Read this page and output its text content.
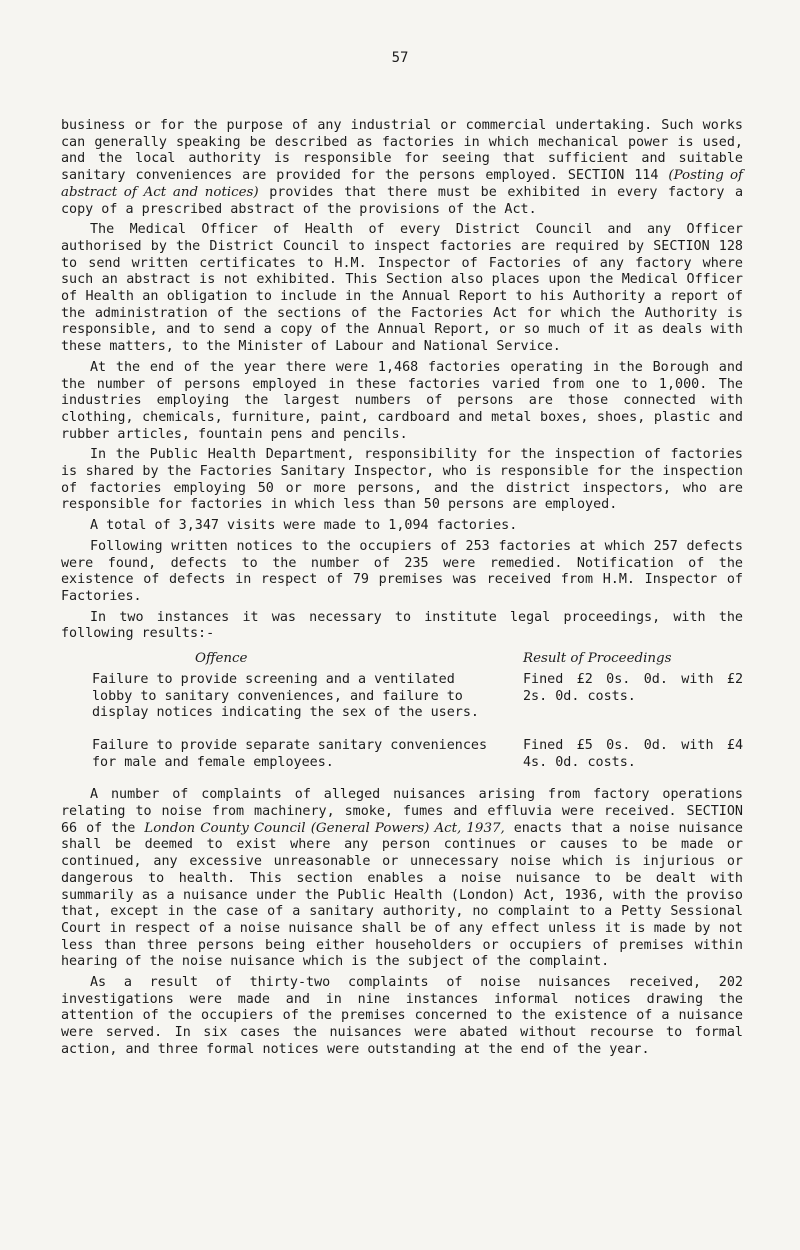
57

business or for the purpose of any industrial or commercial undertaking. Such works can generally speaking be described as factories in which mechanical power is used, and the local authority is responsible for seeing that sufficient and suitable sanitary conveniences are provided for the persons employed. SECTION 114 (Posting of abstract of Act and notices) provides that there must be exhibited in every factory a copy of a prescribed abstract of the provisions of the Act.

The Medical Officer of Health of every District Council and any Officer authorised by the District Council to inspect factories are required by SECTION 128 to send written certificates to H.M. Inspector of Factories of any factory where such an abstract is not exhibited. This Section also places upon the Medical Officer of Health an obligation to include in the Annual Report to his Authority a report of the administration of the sections of the Factories Act for which the Authority is responsible, and to send a copy of the Annual Report, or so much of it as deals with these matters, to the Minister of Labour and National Service.

At the end of the year there were 1,468 factories operating in the Borough and the number of persons employed in these factories varied from one to 1,000. The industries employing the largest numbers of persons are those connected with clothing, chemicals, furniture, paint, cardboard and metal boxes, shoes, plastic and rubber articles, fountain pens and pencils.

In the Public Health Department, responsibility for the inspection of factories is shared by the Factories Sanitary Inspector, who is responsible for the inspection of factories employing 50 or more persons, and the district inspectors, who are responsible for factories in which less than 50 persons are employed.

A total of 3,347 visits were made to 1,094 factories.

Following written notices to the occupiers of 253 factories at which 257 defects were found, defects to the number of 235 were remedied. Notification of the existence of defects in respect of 79 premises was received from H.M. Inspector of Factories.

In two instances it was necessary to institute legal proceedings, with the following results:-

Offence	Result of Proceedings
Failure to provide screening and a ventilated lobby to sanitary conveniences, and failure to display notices indicating the sex of the users.
Fined £2 0s. 0d. with £2 2s. 0d. costs.
Failure to provide separate sanitary conveniences for male and female employees.
Fined £5 0s. 0d. with £4 4s. 0d. costs.

A number of complaints of alleged nuisances arising from factory operations relating to noise from machinery, smoke, fumes and effluvia were received. SECTION 66 of the London County Council (General Powers) Act, 1937, enacts that a noise nuisance shall be deemed to exist where any person continues or causes to be made or continued, any excessive unreasonable or unnecessary noise which is injurious or dangerous to health. This section enables a noise nuisance to be dealt with summarily as a nuisance under the Public Health (London) Act, 1936, with the proviso that, except in the case of a sanitary authority, no complaint to a Petty Sessional Court in respect of a noise nuisance shall be of any effect unless it is made by not less than three persons being either householders or occupiers of premises within hearing of the noise nuisance which is the subject of the complaint.

As a result of thirty-two complaints of noise nuisances received, 202 investigations were made and in nine instances informal notices drawing the attention of the occupiers of the premises concerned to the existence of a nuisance were served. In six cases the nuisances were abated without recourse to formal action, and three formal notices were outstanding at the end of the year.
